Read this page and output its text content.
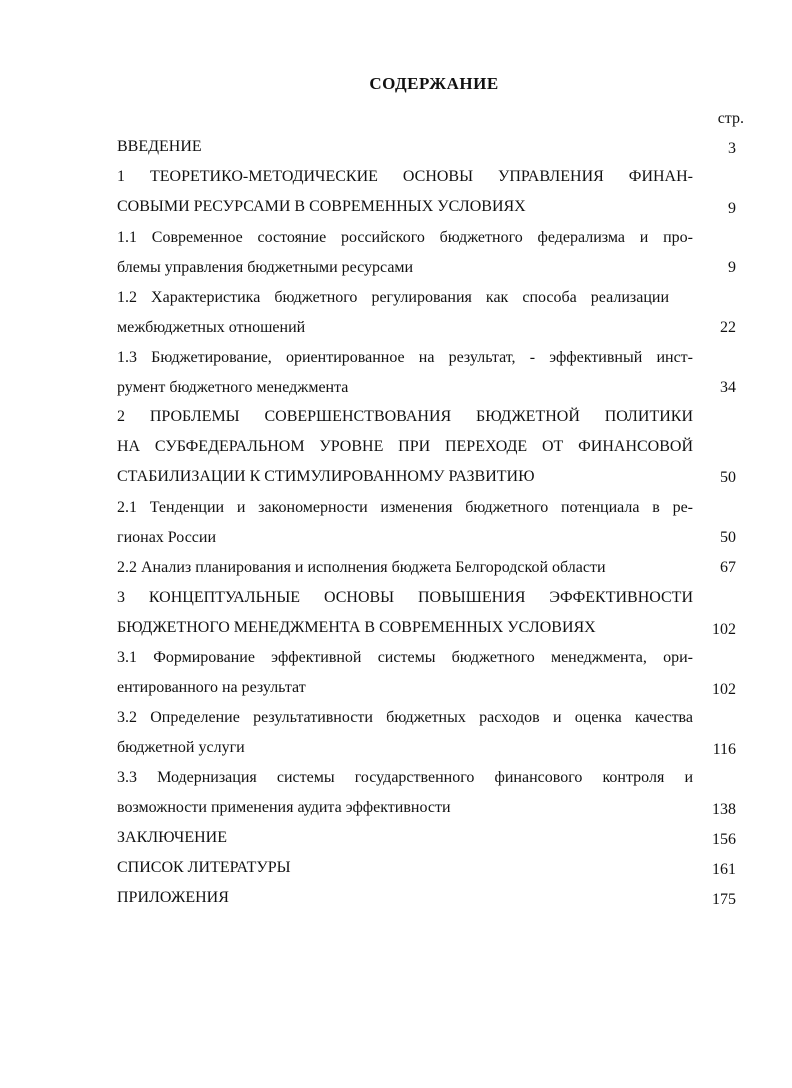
СОДЕРЖАНИЕ
стр.
ВВЕДЕНИЕ	3
1 ТЕОРЕТИКО-МЕТОДИЧЕСКИЕ ОСНОВЫ УПРАВЛЕНИЯ ФИНАН-
СОВЫМИ РЕСУРСАМИ В СОВРЕМЕННЫХ УСЛОВИЯХ	9
1.1 Современное состояние российского бюджетного федерализма и про-
блемы управления бюджетными ресурсами	9
1.2 Характеристика бюджетного регулирования как способа реализации
межбюджетных отношений	22
1.3 Бюджетирование, ориентированное на результат, - эффективный инст-
румент бюджетного менеджмента	34
2 ПРОБЛЕМЫ СОВЕРШЕНСТВОВАНИЯ БЮДЖЕТНОЙ ПОЛИТИКИ
НА СУБФЕДЕРАЛЬНОМ УРОВНЕ ПРИ ПЕРЕХОДЕ ОТ ФИНАНСОВОЙ
СТАБИЛИЗАЦИИ К СТИМУЛИРОВАННОМУ РАЗВИТИЮ	50
2.1 Тенденции и закономерности изменения бюджетного потенциала в ре-
гионах России	50
2.2 Анализ планирования и исполнения бюджета Белгородской области	67
3 КОНЦЕПТУАЛЬНЫЕ ОСНОВЫ ПОВЫШЕНИЯ ЭФФЕКТИВНОСТИ
БЮДЖЕТНОГО МЕНЕДЖМЕНТА В СОВРЕМЕННЫХ УСЛОВИЯХ	102
3.1 Формирование эффективной системы бюджетного менеджмента, ори-
ентированного на результат	102
3.2 Определение результативности бюджетных расходов и оценка качества
бюджетной услуги	116
3.3 Модернизация системы государственного финансового контроля и
возможности применения аудита эффективности	138
ЗАКЛЮЧЕНИЕ	156
СПИСОК ЛИТЕРАТУРЫ	161
ПРИЛОЖЕНИЯ	175
